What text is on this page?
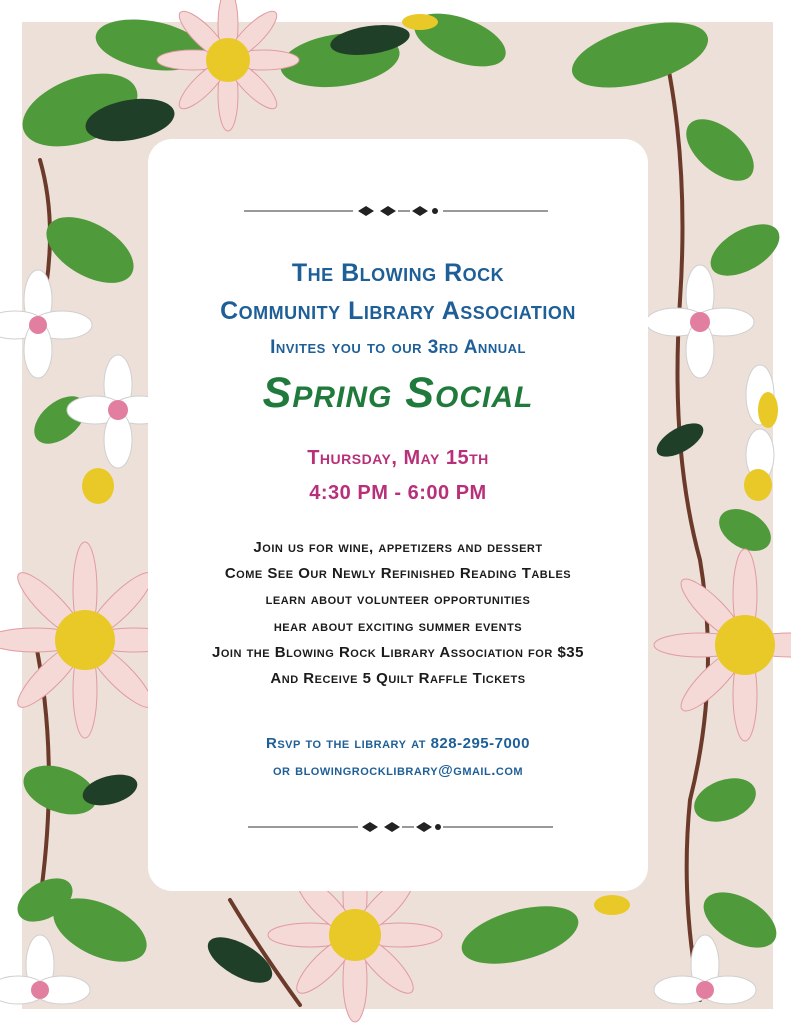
The Blowing Rock
Community Library Association
Invites you to our 3rd Annual
Spring Social
Thursday, May 15th
4:30 PM - 6:00 PM
Join us for wine, appetizers and dessert
Come See Our Newly Refinished Reading Tables
learn about volunteer opportunities
hear about exciting summer events
Join the Blowing Rock Library Association for $35
And Receive 5 Quilt Raffle Tickets
Rsvp to the library at 828-295-7000
or blowingrocklibrary@gmail.com
